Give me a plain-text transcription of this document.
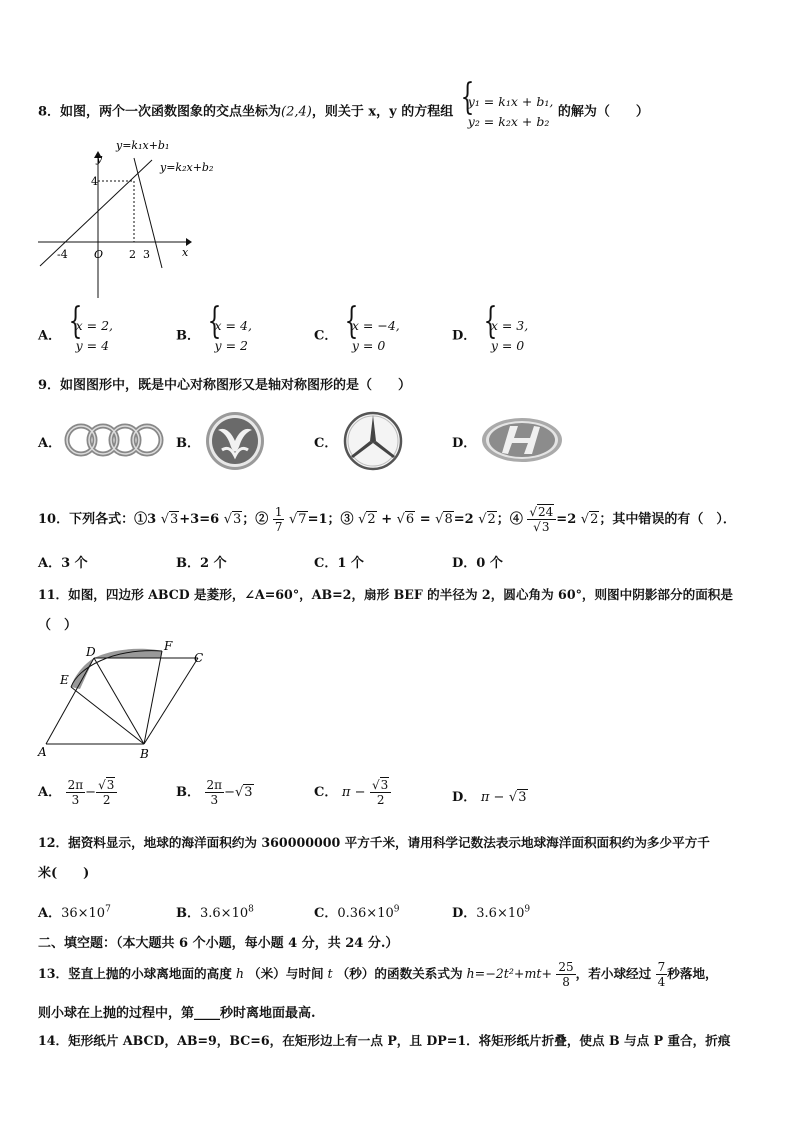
8．如图，两个一次函数图象的交点坐标为(2,4)，则关于 x，y 的方程组
{ y₁ = k₁x + b₁,
y₂ = k₂x + b₂
的解为（　　）
y=k₁x+b₁
y=k₂x+b₂
y
x
4
-4 O 2 3
A．
{ x = 2,
y = 4
B．
{ x = 4,
y = 2
C．
{ x = −4,
y = 0
D．
{ x = 3,
y = 0
9．如图图形中，既是中心对称图形又是轴对称图形的是（　　）
A．	B．	C．	D．
10．下列各式：①3 √3+3=6 √3；② $\frac{1}{7} √7=1$；③ √2 + √6 = √8=2 √2；④ $\frac{√24}{√3} =2$ √2；其中错误的有（　）．
A．3 个	B．2 个	C．1 个	D．0 个
11．如图，四边形 ABCD 是菱形，∠A=60°，AB=2，扇形 BEF 的半径为 2，圆心角为 60°，则图中阴影部分的面积是
（　）
A	B
C
D
E
F
A． $\frac{2\pi}{3} - \frac{√3}{2}$	B． $\frac{2\pi}{3} -√3$	C． $\pi - \frac{√3}{2}$	D． π − √3
12．据资料显示，地球的海洋面积约为 360000000 平方千米，请用科学记数法表示地球海洋面积面积约为多少平方千
米(　　)
A．$36\times 10^7$	B．$3.6\times 10^8$	C．$0.36\times 10^9$	D．$3.6\times 10^9$
二、填空题：（本大题共 6 个小题，每小题 4 分，共 24 分.）
13．竖直上抛的小球离地面的高度 h （米）与时间 t （秒）的函数关系式为 $h=-2t^2+mt+ \frac{25}{8}$ ，若小球经过 $\frac{7}{4}$ 秒落地，
则小球在上抛的过程中，第____秒时离地面最高.
14．矩形纸片 ABCD，AB=9，BC=6，在矩形边上有一点 P，且 DP=1．将矩形纸片折叠，使点 B 与点 P 重合，折痕
